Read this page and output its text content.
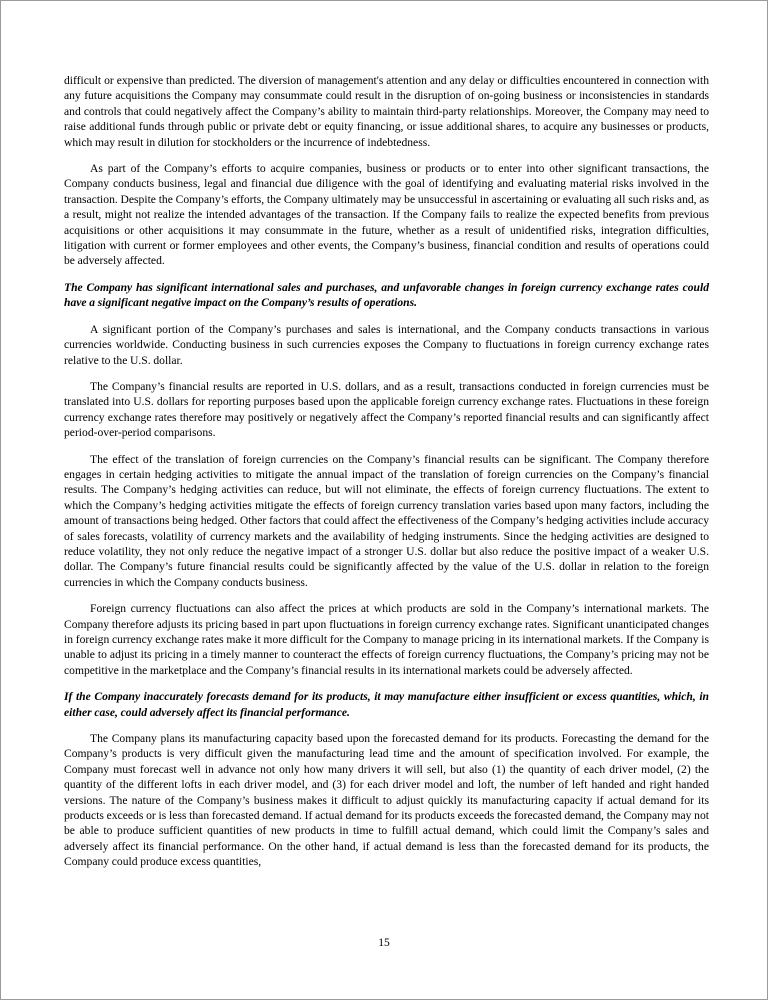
difficult or expensive than predicted. The diversion of management's attention and any delay or difficulties encountered in connection with any future acquisitions the Company may consummate could result in the disruption of on-going business or inconsistencies in standards and controls that could negatively affect the Company’s ability to maintain third-party relationships. Moreover, the Company may need to raise additional funds through public or private debt or equity financing, or issue additional shares, to acquire any businesses or products, which may result in dilution for stockholders or the incurrence of indebtedness.

As part of the Company’s efforts to acquire companies, business or products or to enter into other significant transactions, the Company conducts business, legal and financial due diligence with the goal of identifying and evaluating material risks involved in the transaction. Despite the Company’s efforts, the Company ultimately may be unsuccessful in ascertaining or evaluating all such risks and, as a result, might not realize the intended advantages of the transaction. If the Company fails to realize the expected benefits from previous acquisitions or other acquisitions it may consummate in the future, whether as a result of unidentified risks, integration difficulties, litigation with current or former employees and other events, the Company’s business, financial condition and results of operations could be adversely affected.

The Company has significant international sales and purchases, and unfavorable changes in foreign currency exchange rates could have a significant negative impact on the Company’s results of operations.

A significant portion of the Company’s purchases and sales is international, and the Company conducts transactions in various currencies worldwide. Conducting business in such currencies exposes the Company to fluctuations in foreign currency exchange rates relative to the U.S. dollar.

The Company’s financial results are reported in U.S. dollars, and as a result, transactions conducted in foreign currencies must be translated into U.S. dollars for reporting purposes based upon the applicable foreign currency exchange rates. Fluctuations in these foreign currency exchange rates therefore may positively or negatively affect the Company’s reported financial results and can significantly affect period-over-period comparisons.

The effect of the translation of foreign currencies on the Company’s financial results can be significant. The Company therefore engages in certain hedging activities to mitigate the annual impact of the translation of foreign currencies on the Company’s financial results. The Company’s hedging activities can reduce, but will not eliminate, the effects of foreign currency fluctuations. The extent to which the Company’s hedging activities mitigate the effects of foreign currency translation varies based upon many factors, including the amount of transactions being hedged. Other factors that could affect the effectiveness of the Company’s hedging activities include accuracy of sales forecasts, volatility of currency markets and the availability of hedging instruments. Since the hedging activities are designed to reduce volatility, they not only reduce the negative impact of a stronger U.S. dollar but also reduce the positive impact of a weaker U.S. dollar. The Company’s future financial results could be significantly affected by the value of the U.S. dollar in relation to the foreign currencies in which the Company conducts business.

Foreign currency fluctuations can also affect the prices at which products are sold in the Company’s international markets. The Company therefore adjusts its pricing based in part upon fluctuations in foreign currency exchange rates. Significant unanticipated changes in foreign currency exchange rates make it more difficult for the Company to manage pricing in its international markets. If the Company is unable to adjust its pricing in a timely manner to counteract the effects of foreign currency fluctuations, the Company’s pricing may not be competitive in the marketplace and the Company’s financial results in its international markets could be adversely affected.

If the Company inaccurately forecasts demand for its products, it may manufacture either insufficient or excess quantities, which, in either case, could adversely affect its financial performance.

The Company plans its manufacturing capacity based upon the forecasted demand for its products. Forecasting the demand for the Company’s products is very difficult given the manufacturing lead time and the amount of specification involved. For example, the Company must forecast well in advance not only how many drivers it will sell, but also (1) the quantity of each driver model, (2) the quantity of the different lofts in each driver model, and (3) for each driver model and loft, the number of left handed and right handed versions. The nature of the Company’s business makes it difficult to adjust quickly its manufacturing capacity if actual demand for its products exceeds or is less than forecasted demand. If actual demand for its products exceeds the forecasted demand, the Company may not be able to produce sufficient quantities of new products in time to fulfill actual demand, which could limit the Company’s sales and adversely affect its financial performance. On the other hand, if actual demand is less than the forecasted demand for its products, the Company could produce excess quantities,

15
